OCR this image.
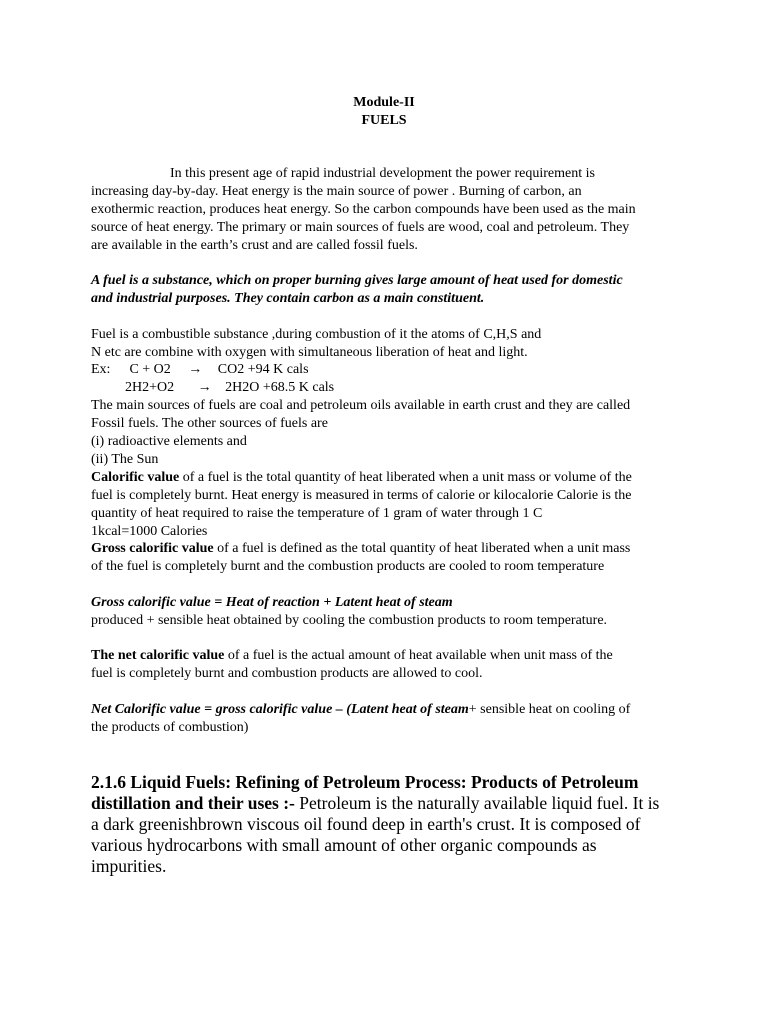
Module-II
FUELS
In this present age of rapid industrial development the power requirement is
increasing day-by-day. Heat energy is the main source of power . Burning of carbon, an
exothermic reaction, produces heat energy. So the carbon compounds have been used as the main
source of heat energy. The primary or main sources of fuels are wood, coal and petroleum. They
are available in the earth’s crust and are called fossil fuels.
A fuel is a substance, which on proper burning gives large amount of heat used for domestic
and industrial purposes. They contain carbon as a main constituent.
Fuel is a combustible substance ,during combustion of it the atoms of C,H,S and
N etc are combine with oxygen with simultaneous liberation of heat and light.
Ex: C + O2 → CO2 +94 K cals
2H2+O2 → 2H2O +68.5 K cals
The main sources of fuels are coal and petroleum oils available in earth crust and they are called
Fossil fuels. The other sources of fuels are
(i) radioactive elements and
(ii) The Sun
Calorific value of a fuel is the total quantity of heat liberated when a unit mass or volume of the
fuel is completely burnt. Heat energy is measured in terms of calorie or kilocalorie Calorie is the
quantity of heat required to raise the temperature of 1 gram of water through 1 C
1kcal=1000 Calories
Gross calorific value of a fuel is defined as the total quantity of heat liberated when a unit mass
of the fuel is completely burnt and the combustion products are cooled to room temperature
Gross calorific value = Heat of reaction + Latent heat of steam
produced + sensible heat obtained by cooling the combustion products to room temperature.
The net calorific value of a fuel is the actual amount of heat available when unit mass of the
fuel is completely burnt and combustion products are allowed to cool.
Net Calorific value = gross calorific value – (Latent heat of steam+ sensible heat on cooling of
the products of combustion)
2.1.6 Liquid Fuels: Refining of Petroleum Process: Products of Petroleum
distillation and their uses :- Petroleum is the naturally available liquid fuel. It is
a dark greenishbrown viscous oil found deep in earth's crust. It is composed of
various hydrocarbons with small amount of other organic compounds as
impurities.
